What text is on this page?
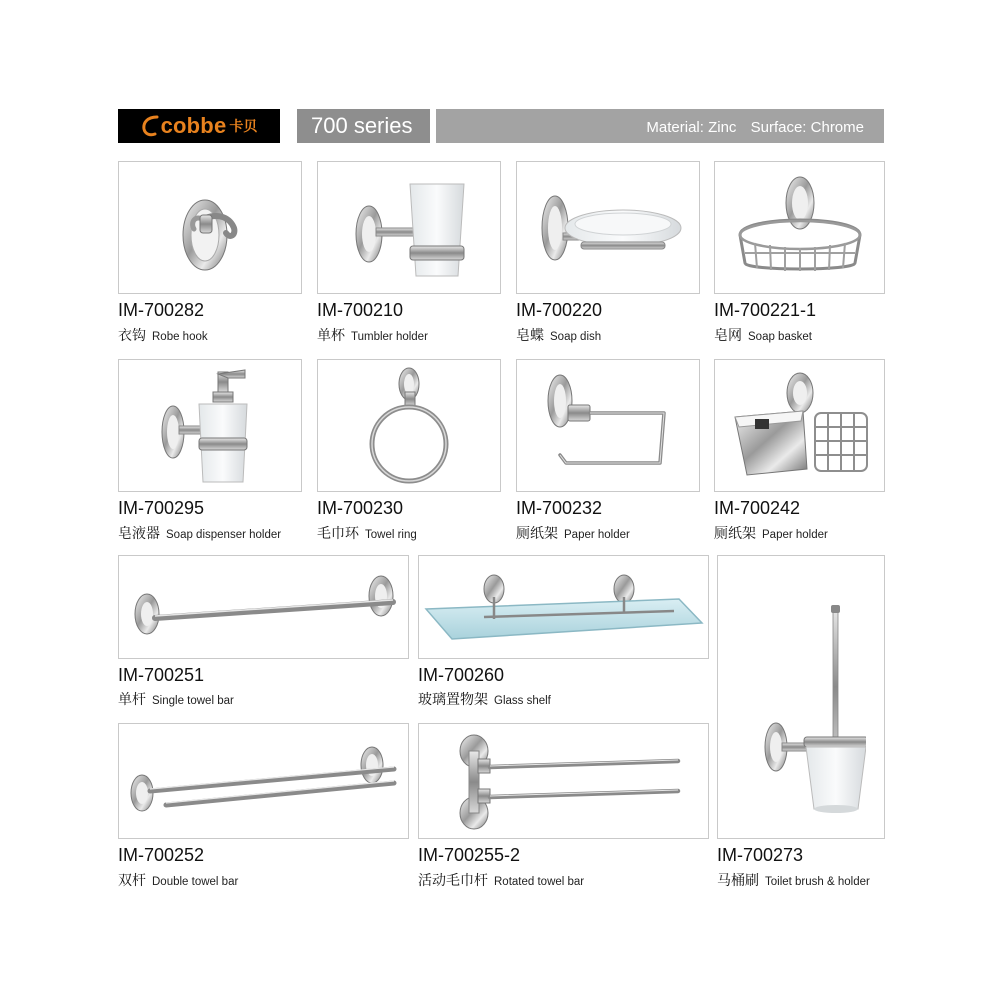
cobbe 卡贝	700 series	Material: Zinc Surface: Chrome
IM-700282
衣钩 Robe hook
IM-700210
单杯 Tumbler holder
IM-700220
皂蝶 Soap dish
IM-700221-1
皂网 Soap basket
IM-700295
皂液器 Soap dispenser holder
IM-700230
毛巾环 Towel ring
IM-700232
厕纸架 Paper holder
IM-700242
厕纸架 Paper holder
IM-700251
单杆 Single towel bar
IM-700260
玻璃置物架 Glass shelf
IM-700273
马桶刷 Toilet brush & holder
IM-700252
双杆 Double towel bar
IM-700255-2
活动毛巾杆 Rotated towel bar
